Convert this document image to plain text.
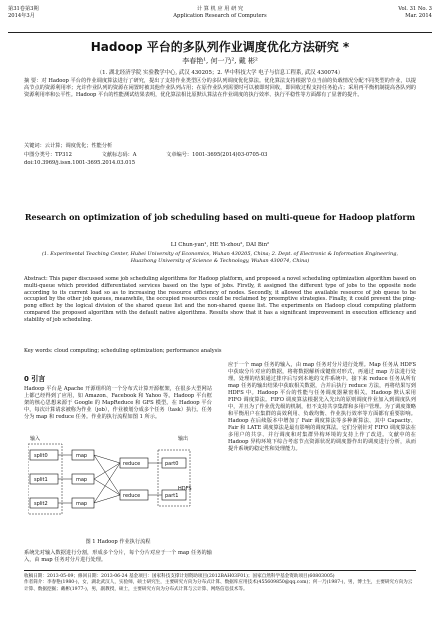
第31卷第3期
2014年3月
计 算 机 应 用 研 究
Application Research of Computers
Vol. 31 No. 3
Mar. 2014
Hadoop 平台的多队列作业调度优化方法研究 *
李春艳¹, 何一乃², 戴 彬²
（1. 湖北经济学院 实验教学中心, 武汉 430205；2. 华中科技大学 电子与信息工程系, 武汉 430074）

摘 要：对 Hadoop 平台的作业调度算法进行了研究，提出了支持作业类型区分的多队列调度优化算法。优化算法支持根据节点当前的负载情况分配不同类型的作业，以提高节点的资源利用率；允许作业队列的资源在闲置时被其他作业队列占用；在原作业队列需要时可以被即时回收，即回收过程支持任务抢占；采用再平衡机制提高各队列的资源利用率和公平性。Hadoop 平台的性能测试结果表明，优化算法相比原默认算法在作业调度的执行效率、执行平稳性等方面都有了显著的提升。

关键词：云计算；调度优化；性能分析
中图分类号：TP312	文献标志码：A	文章编号：1001-3695(2014)03-0705-03
doi:10.3969/j.issn.1001-3695.2014.03.015
Research on optimization of job scheduling based on multi-queue for Hadoop platform
LI Chun-yan¹, HE Yi-zhou², DAI Bin²
(1. Experimental Teaching Center, Hubei University of Economics, Wuhan 430205, China; 2. Dept. of Electronic & Information Engineering, Huazhong University of Science & Technology, Wuhan 430074, China)

Abstract: This paper discussed some job scheduling algorithms for Hadoop platform, and proposed a novel scheduling optimization algorithm based on multi-queue which provided differentiated services based on the type of jobs. Firstly, it assigned the different type of jobs to the opposite node according to its current load so as to increasing the resource efficiency of nodes. Secondly, it allowed the available resource of job queue to be occupied by the other job queues, meanwhile, the occupied resources could be reclaimed by preemptive strategies. Finally, it could prevent the ping-pong effect by the logical division of the shared queue list and the non-shared queue list. The experiments on Hadoop cloud computing platform compared the proposed algorithm with the default native algorithms. Results show that it has a significant improvement in execution efficiency and stability of job scheduling.

Key words: cloud computing; scheduling optimization; performance analysis
0 引言

Hadoop 平台是 Apache 开源组织的一个分布式计算开源框架，在很多大型网站上都已经得到了应用，如 Amazon、Facebook 和 Yahoo 等。Hadoop 平台框架的核心思想来源于 Google 的 MapReduce 和 GFS 模型。在 Hadoop 平台中，每次计算请求被称为作业（job），作业被划分成多个任务（task）执行。任务分为 map 和 reduce 任务。作业的执行流程如图 1 所示。

输入	输出
HDFS
split0
split1
split2
map
map
map
reduce
reduce
part0
part1
图 1 Hadoop 作业执行流程

系统先对输入数据进行分割，形成多个分片，每个分片对应于一个 map 任务的输入，由 map 任务对分片进行处理。

应于一个 map 任务的输入，由 map 任务对分片进行处理。Map 任务从 HDFS 中获取分片对应的数据，将将数据解析成键值对形式，再通过 map 方法进行处理。处理的结果通过排序后写到本地的文件系统中。接下来 reduce 任务从所有 map 任务的输出结果中获取相关数据，合并后执行 reduce 方法，再将结果写到 HDFS 中。Hadoop 平台的性能与任务调度器紧密相关。Hadoop 默认采用 FIFO 调度算法。FIFO 调度算法根据先入先出的原则调度作业加入到调度队列中，并且为了作业优先级的机制，但不支持共享集群和多用户管理。为了调度策略和平衡用户在集群的高效利用、负载均衡、作业执行效率等方面都有重要影响。Hadoop 在后续版本中增加了 Fair 调度算法等多种新算法、其中 Capacity、Fair 和 LATE 调度算法是最有影响的调度算法。它们分别针对 FIFO 调度算法在多用户的共享、并行调度和对集群异构环境的支持上作了改进。文献中的在 Hadoop 异构环境下综合考虑节点资源状况的调度器作出的调度进行分析，从而提升系统的稳定性和处理能力。

收稿日期：2013-05-09；修回日期：2013-06-24 基金项目：国家科技支撑计划资助项目(2012BAH03F01)；国家自然科学基金资助项目(60803005)
作者简介：李春艳(1980-)，女，湖北武汉人，实验师，硕士研究生，主要研究方向为分布式计算、数据库应用技术(455609850@qq.com)；何一乃(1987-)，男，博士生，主要研究方向为云计算、数据挖掘；戴彬(1977-)，男，副教授，硕士，主要研究方向为分布式计算与云计算、网络信息技术等。
